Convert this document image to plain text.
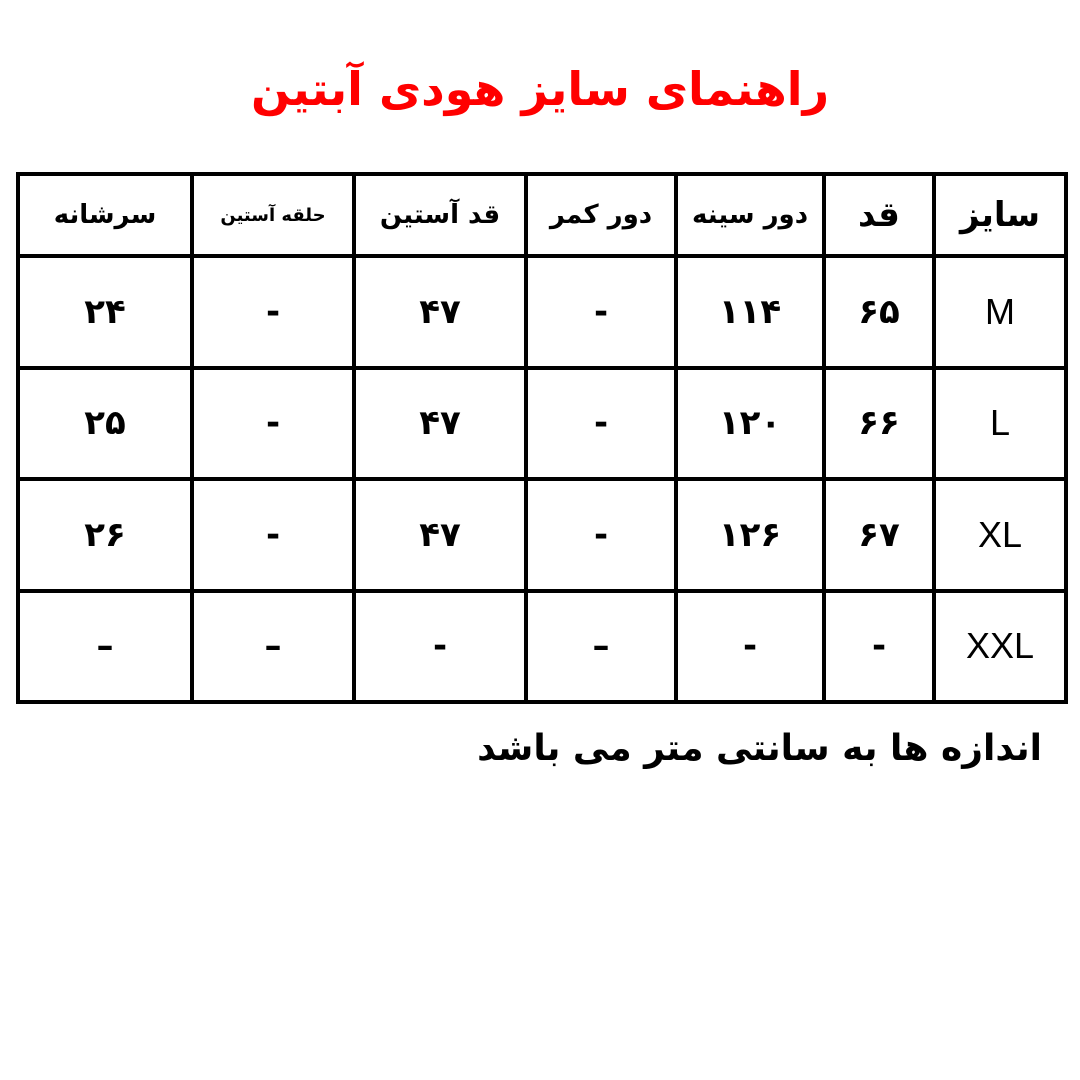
راهنمای سایز هودی آبتین
سایز	قد	دور سینه	دور کمر	قد آستین	حلقه آستین	سرشانه
M	۶۵	۱۱۴	-	۴۷	-	۲۴
L	۶۶	۱۲۰	-	۴۷	-	۲۵
XL	۶۷	۱۲۶	-	۴۷	-	۲۶
XXL	-	-	–	-	–	–
اندازه ها به سانتی متر می باشد
